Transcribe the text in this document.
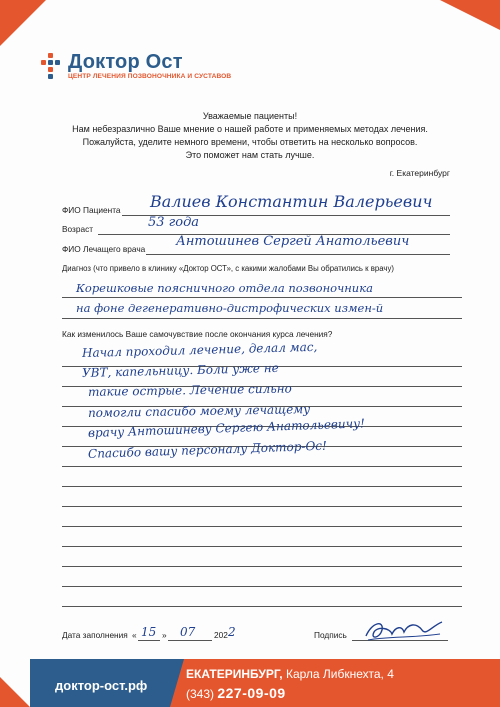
Доктор Ост
ЦЕНТР ЛЕЧЕНИЯ ПОЗВОНОЧНИКА И СУСТАВОВ
Уважаемые пациенты!
Нам небезразлично Ваше мнение о нашей работе и применяемых методах лечения.
Пожалуйста, уделите немного времени, чтобы ответить на несколько вопросов.
Это поможет нам стать лучше.
г. Екатеринбург
ФИО Пациента Валиев Константин Валерьевич
Возраст	53 года
ФИО Лечащего врача Антошинев Сергей Анатольевич
Диагноз (что привело в клинику «Доктор ОСТ», с какими жалобами Вы обратились к врачу)
Корешковые поясничного отдела позвоночника
на фоне дегенеративно-дистрофических измен-й
Как изменилось Ваше самочувствие после окончания курса лечения?
Начал проходил лечение, делал мас,
УВТ, капельницу. Боли уже не
такие острые. Лечение сильно
помогли спасибо моему лечащему
врачу Антошиневу Сергею Анатольевичу!
Спасибо вашу персоналу Доктор-Ос!
Дата заполнения « 15 » 07 202 2	Подпись
доктор-ост.рф
ЕКАТЕРИНБУРГ, Карла Либкнехта, 4
(343) 227-09-09
